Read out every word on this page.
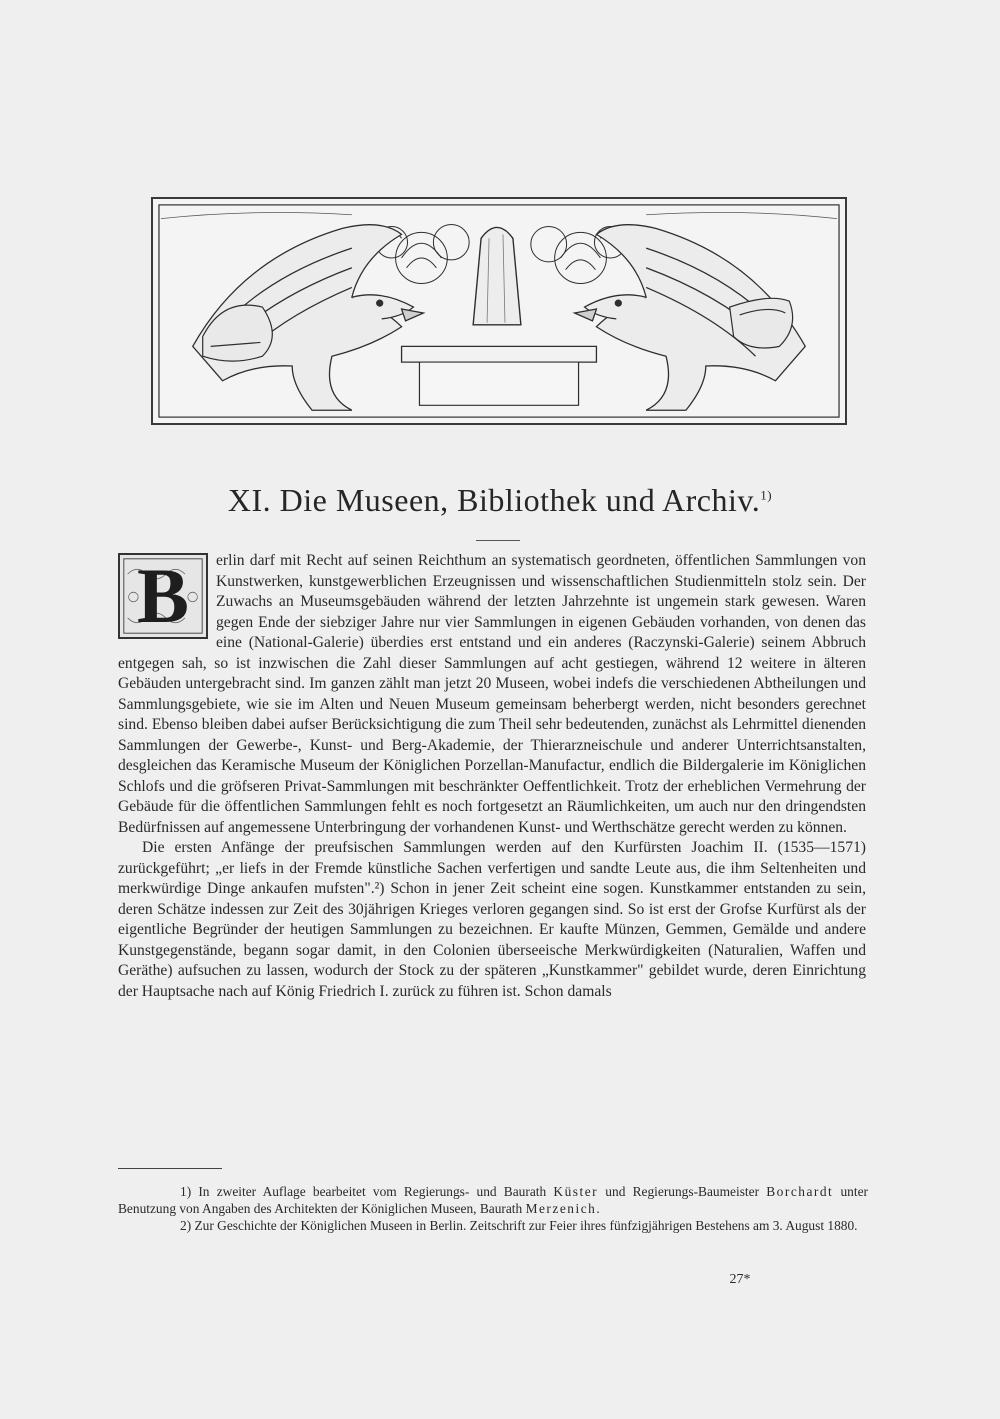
XI. Die Museen, Bibliothek und Archiv.$^{1)}$

B	erlin darf mit Recht auf seinen Reichthum an systematisch geordneten, öffentlichen Sammlungen von Kunstwerken, kunstgewerblichen Erzeugnissen und wissenschaftlichen Studienmitteln stolz sein. Der Zuwachs an Museumsgebäuden während der letzten Jahrzehnte ist ungemein stark gewesen. Waren gegen Ende der siebziger Jahre nur vier Sammlungen in eigenen Gebäuden vorhanden, von denen das eine (National-Galerie) überdies erst entstand und ein anderes (Raczynski-Galerie) seinem Abbruch entgegen sah, so ist inzwischen die Zahl dieser Sammlungen auf acht gestiegen, während 12 weitere in älteren Gebäuden untergebracht sind. Im ganzen zählt man jetzt 20 Museen, wobei indefs die verschiedenen Abtheilungen und Sammlungsgebiete, wie sie im Alten und Neuen Museum gemeinsam beherbergt werden, nicht besonders gerechnet sind. Ebenso bleiben dabei aufser Berücksichtigung die zum Theil sehr bedeutenden, zunächst als Lehrmittel dienenden Sammlungen der Gewerbe-, Kunst- und Berg-Akademie, der Thierarzneischule und anderer Unterrichtsanstalten, desgleichen das Keramische Museum der Königlichen Porzellan-Manufactur, endlich die Bildergalerie im Königlichen Schlofs und die gröfseren Privat-Sammlungen mit beschränkter Oeffentlichkeit. Trotz der erheblichen Vermehrung der Gebäude für die öffentlichen Sammlungen fehlt es noch fortgesetzt an Räumlichkeiten, um auch nur den dringendsten Bedürfnissen auf angemessene Unterbringung der vorhandenen Kunst- und Werthschätze gerecht werden zu können.

Die ersten Anfänge der preufsischen Sammlungen werden auf den Kurfürsten Joachim II. (1535—1571) zurückgeführt; „er liefs in der Fremde künstliche Sachen verfertigen und sandte Leute aus, die ihm Seltenheiten und merkwürdige Dinge ankaufen mufsten".²) Schon in jener Zeit scheint eine sogen. Kunstkammer entstanden zu sein, deren Schätze indessen zur Zeit des 30jährigen Krieges verloren gegangen sind. So ist erst der Grofse Kurfürst als der eigentliche Begründer der heutigen Sammlungen zu bezeichnen. Er kaufte Münzen, Gemmen, Gemälde und andere Kunstgegenstände, begann sogar damit, in den Colonien überseeische Merkwürdigkeiten (Naturalien, Waffen und Geräthe) aufsuchen zu lassen, wodurch der Stock zu der späteren „Kunstkammer" gebildet wurde, deren Einrichtung der Hauptsache nach auf König Friedrich I. zurück zu führen ist. Schon damals

1) In zweiter Auflage bearbeitet vom Regierungs- und Baurath Küster und Regierungs-Baumeister Borchardt unter Benutzung von Angaben des Architekten der Königlichen Museen, Baurath Merzenich.

2) Zur Geschichte der Königlichen Museen in Berlin. Zeitschrift zur Feier ihres fünfzigjährigen Bestehens am 3. August 1880.

27*
